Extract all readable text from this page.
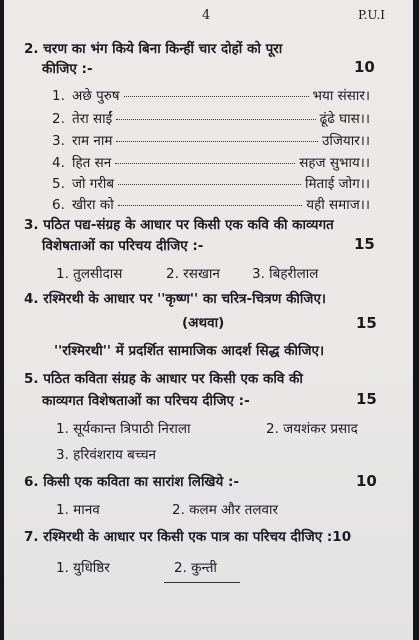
4	P.U.I
2. चरण का भंग किये बिना किन्हीं चार दोहों को पूरा
कीजिए :-	10
1. अछे पुरुष	भया संसार।
2. तेरा साईं	ढूंढे घास।।
3. राम नाम	उजियार।।
4. हित सन	सहज सुभाय।।
5. जो गरीब	मिताई जोग।।
6. खीरा को	यही समाज।।
3. पठित पद्य-संग्रह के आधार पर किसी एक कवि की काव्यगत
विशेषताओं का परिचय दीजिए :-	15
1. तुलसीदास	2. रसखान 3. बिहरीलाल
4. रश्मिरथी के आधार पर ''कृष्ण'' का चरित्र-चित्रण कीजिए।
(अथवा)	15
''रश्मिरथी'' में प्रदर्शित सामाजिक आदर्श सिद्ध कीजिए।
5. पठित कविता संग्रह के आधार पर किसी एक कवि की
काव्यगत विशेषताओं का परिचय दीजिए :-	15
1. सूर्यकान्त त्रिपाठी निराला	2. जयशंकर प्रसाद
3. हरिवंशराय बच्चन
6. किसी एक कविता का सारांश लिखिये :-	10
1. मानव	2. कलम और तलवार
7. रश्मिरथी के आधार पर किसी एक पात्र का परिचय दीजिए :10
1. युधिष्ठिर	2. कुन्ती
